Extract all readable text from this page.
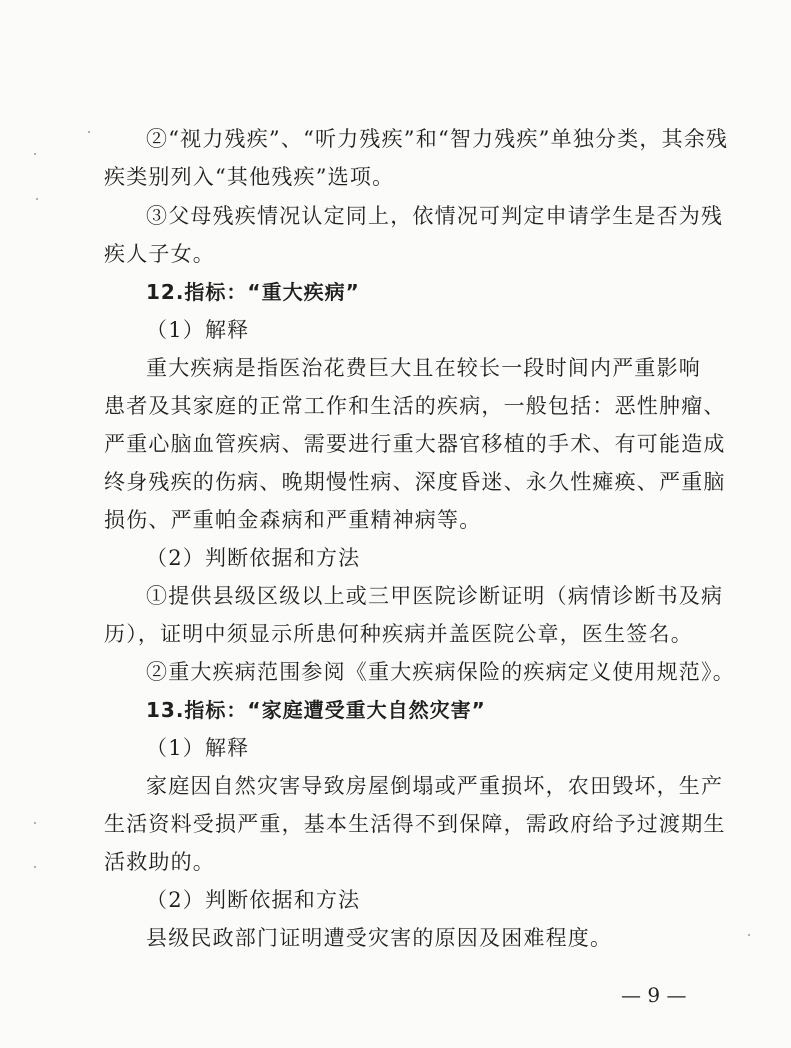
②“视力残疾”、“听力残疾”和“智力残疾”单独分类，其余残
疾类别列入“其他残疾”选项。
③父母残疾情况认定同上，依情况可判定申请学生是否为残
疾人子女。
12.指标：“重大疾病”
（1）解释
重大疾病是指医治花费巨大且在较长一段时间内严重影响
患者及其家庭的正常工作和生活的疾病，一般包括：恶性肿瘤、
严重心脑血管疾病、需要进行重大器官移植的手术、有可能造成
终身残疾的伤病、晚期慢性病、深度昏迷、永久性瘫痪、严重脑
损伤、严重帕金森病和严重精神病等。
（2）判断依据和方法
①提供县级区级以上或三甲医院诊断证明（病情诊断书及病
历），证明中须显示所患何种疾病并盖医院公章，医生签名。
②重大疾病范围参阅《重大疾病保险的疾病定义使用规范》。
13.指标：“家庭遭受重大自然灾害”
（1）解释
家庭因自然灾害导致房屋倒塌或严重损坏，农田毁坏，生产
生活资料受损严重，基本生活得不到保障，需政府给予过渡期生
活救助的。
（2）判断依据和方法
县级民政部门证明遭受灾害的原因及困难程度。
— 9 —
